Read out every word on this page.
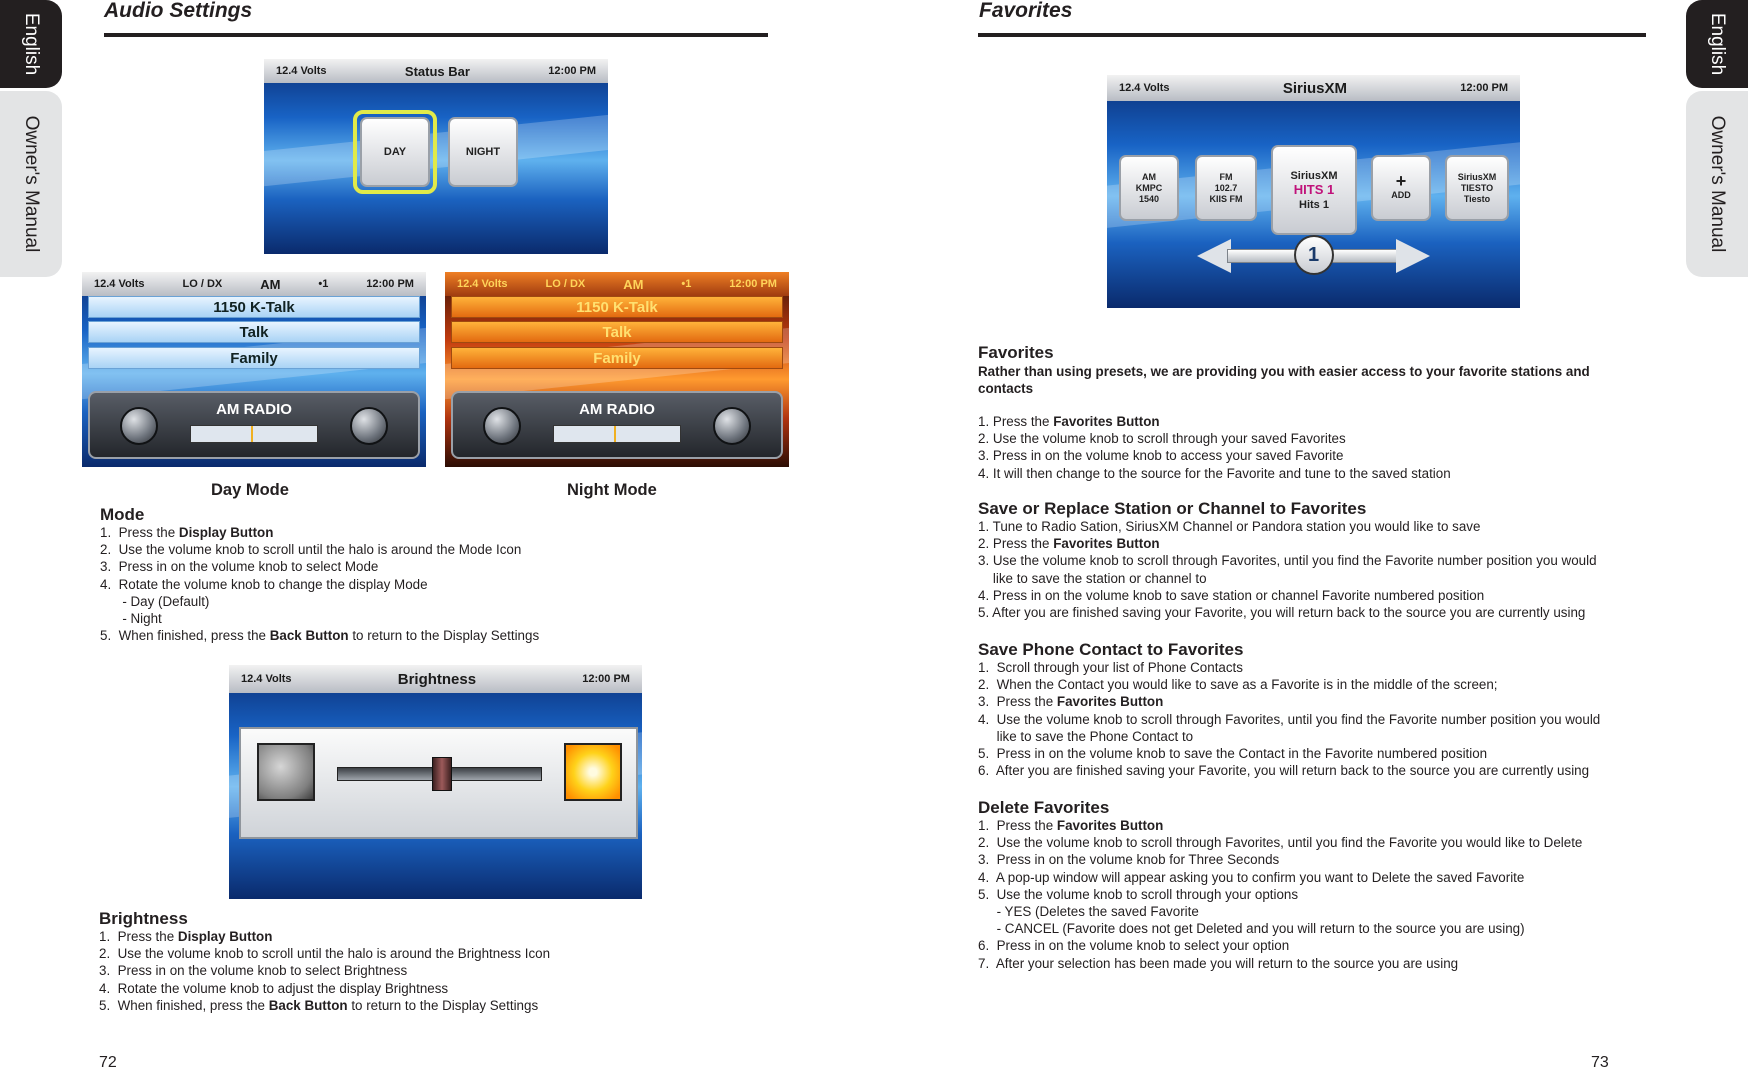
English
Owner's Manual
Audio Settings
12.4 Volts	Status Bar	12:00 PM
DAY	NIGHT
12.4 Volts	LO / DX	AM	•1	12:00 PM
1150 K-Talk
Talk
Family
AM RADIO
12.4 Volts	LO / DX	AM	•1	12:00 PM
1150 K-Talk
Talk
Family
AM RADIO
Day Mode	Night Mode
Mode
1.  Press the Display Button
2.  Use the volume knob to scroll until the halo is around the Mode Icon
3.  Press in on the volume knob to select Mode
4.  Rotate the volume knob to change the display Mode
- Day (Default)
- Night
5.  When finished, press the Back Button to return to the Display Settings
12.4 Volts	Brightness	12:00 PM
Brightness
1.  Press the Display Button
2.  Use the volume knob to scroll until the halo is around the Brightness Icon
3.  Press in on the volume knob to select Brightness
4.  Rotate the volume knob to adjust the display Brightness
5.  When finished, press the Back Button to return to the Display Settings
72
Favorites
English
Owner's Manual
12.4 Volts	SiriusXM	12:00 PM
AM
KMPC
1540
FM
102.7
KIIS FM
SiriusXM
HITS 1
Hits 1
+
ADD
SiriusXM
TIESTO
Tiesto
1
Favorites
Rather than using presets, we are providing you with easier access to your favorite stations and contacts
1. Press the Favorites Button
2. Use the volume knob to scroll through your saved Favorites
3. Press in on the volume knob to access your saved Favorite
4. It will then change to the source for the Favorite and tune to the saved station
Save or Replace Station or Channel to Favorites
1. Tune to Radio Sation, SiriusXM Channel or Pandora station you would like to save
2. Press the Favorites Button
3. Use the volume knob to scroll through Favorites, until you find the Favorite number position you would
like to save the station or channel to
4. Press in on the volume knob to save station or channel Favorite numbered position
5. After you are finished saving your Favorite, you will return back to the source you are currently using
Save Phone Contact to Favorites
1.  Scroll through your list of Phone Contacts
2.  When the Contact you would like to save as a Favorite is in the middle of the screen;
3.  Press the Favorites Button
4.  Use the volume knob to scroll through Favorites, until you find the Favorite number position you would
like to save the Phone Contact to
5.  Press in on the volume knob to save the Contact in the Favorite numbered position
6.  After you are finished saving your Favorite, you will return back to the source you are currently using
Delete Favorites
1.  Press the Favorites Button
2.  Use the volume knob to scroll through Favorites, until you find the Favorite you would like to Delete
3.  Press in on the volume knob for Three Seconds
4.  A pop-up window will appear asking you to confirm you want to Delete the saved Favorite
5.  Use the volume knob to scroll through your options
- YES (Deletes the saved Favorite
- CANCEL (Favorite does not get Deleted and you will return to the source you are using)
6.  Press in on the volume knob to select your option
7.  After your selection has been made you will return to the source you are using
73
